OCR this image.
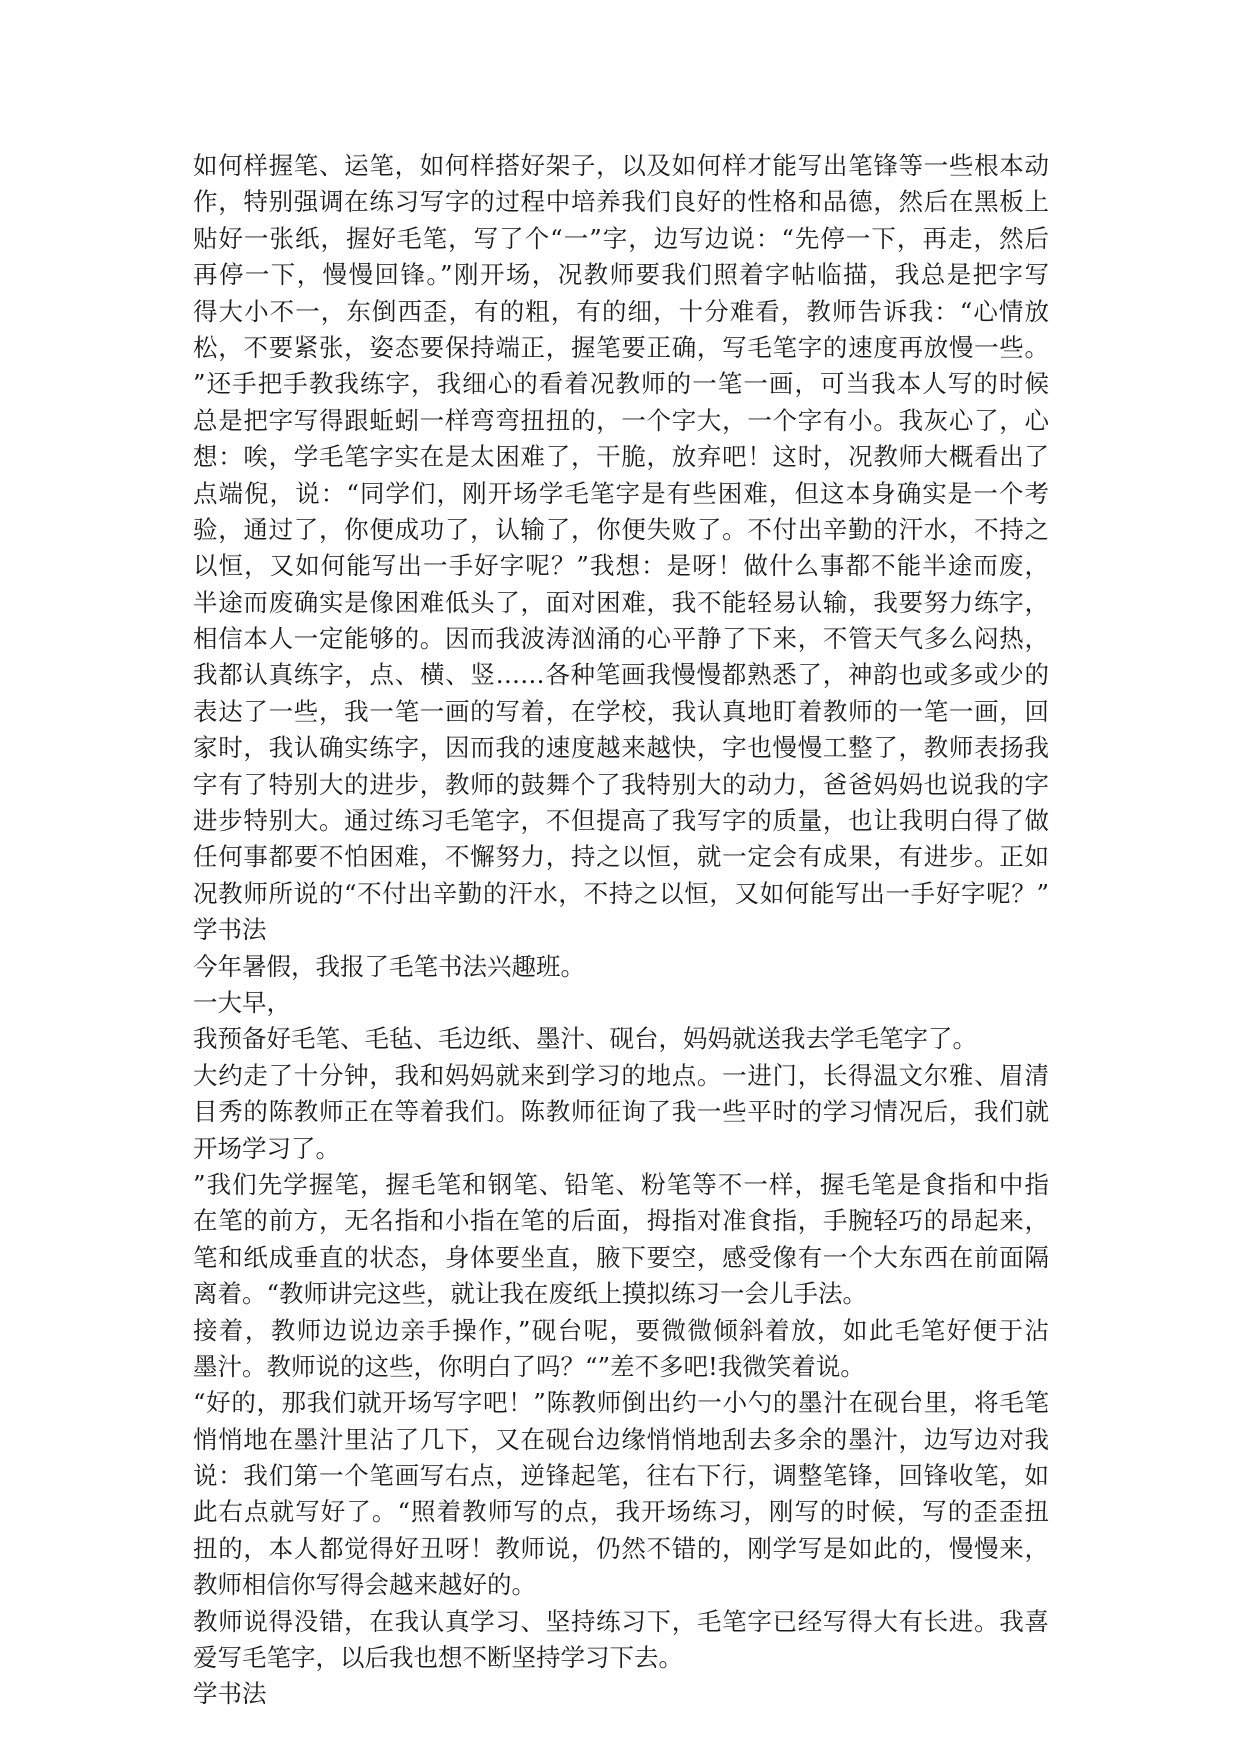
如何样握笔、运笔，如何样搭好架子，以及如何样才能写出笔锋等一些根本动
作，特别强调在练习写字的过程中培养我们良好的性格和品德，然后在黑板上
贴好一张纸，握好毛笔，写了个“一”字，边写边说：“先停一下，再走，然后
再停一下，慢慢回锋。”刚开场，况教师要我们照着字帖临描，我总是把字写
得大小不一，东倒西歪，有的粗，有的细，十分难看，教师告诉我：“心情放
松，不要紧张，姿态要保持端正，握笔要正确，写毛笔字的速度再放慢一些。
”还手把手教我练字，我细心的看着况教师的一笔一画，可当我本人写的时候
总是把字写得跟蚯蚓一样弯弯扭扭的，一个字大，一个字有小。我灰心了，心
想：唉，学毛笔字实在是太困难了，干脆，放弃吧！这时，况教师大概看出了
点端倪，说：“同学们，刚开场学毛笔字是有些困难，但这本身确实是一个考
验，通过了，你便成功了，认输了，你便失败了。不付出辛勤的汗水，不持之
以恒，又如何能写出一手好字呢？”我想：是呀！做什么事都不能半途而废，
半途而废确实是像困难低头了，面对困难，我不能轻易认输，我要努力练字，
相信本人一定能够的。因而我波涛汹涌的心平静了下来，不管天气多么闷热，
我都认真练字，点、横、竖……各种笔画我慢慢都熟悉了，神韵也或多或少的
表达了一些，我一笔一画的写着，在学校，我认真地盯着教师的一笔一画，回
家时，我认确实练字，因而我的速度越来越快，字也慢慢工整了，教师表扬我
字有了特别大的进步，教师的鼓舞个了我特别大的动力，爸爸妈妈也说我的字
进步特别大。通过练习毛笔字，不但提高了我写字的质量，也让我明白得了做
任何事都要不怕困难，不懈努力，持之以恒，就一定会有成果，有进步。正如
况教师所说的“不付出辛勤的汗水，不持之以恒，又如何能写出一手好字呢？”
学书法
今年暑假，我报了毛笔书法兴趣班。
一大早，
我预备好毛笔、毛毡、毛边纸、墨汁、砚台，妈妈就送我去学毛笔字了。
大约走了十分钟，我和妈妈就来到学习的地点。一进门，长得温文尔雅、眉清
目秀的陈教师正在等着我们。陈教师征询了我一些平时的学习情况后，我们就
开场学习了。
”我们先学握笔，握毛笔和钢笔、铅笔、粉笔等不一样，握毛笔是食指和中指
在笔的前方，无名指和小指在笔的后面，拇指对准食指，手腕轻巧的昂起来，
笔和纸成垂直的状态，身体要坐直，腋下要空，感受像有一个大东西在前面隔
离着。“教师讲完这些，就让我在废纸上摸拟练习一会儿手法。
接着，教师边说边亲手操作，”砚台呢，要微微倾斜着放，如此毛笔好便于沾
墨汁。教师说的这些，你明白了吗？“”差不多吧!我微笑着说。
“好的，那我们就开场写字吧！”陈教师倒出约一小勺的墨汁在砚台里，将毛笔
悄悄地在墨汁里沾了几下，又在砚台边缘悄悄地刮去多余的墨汁，边写边对我
说：我们第一个笔画写右点，逆锋起笔，往右下行，调整笔锋，回锋收笔，如
此右点就写好了。“照着教师写的点，我开场练习，刚写的时候，写的歪歪扭
扭的，本人都觉得好丑呀！教师说，仍然不错的，刚学写是如此的，慢慢来，
教师相信你写得会越来越好的。
教师说得没错，在我认真学习、坚持练习下，毛笔字已经写得大有长进。我喜
爱写毛笔字，以后我也想不断坚持学习下去。
学书法
